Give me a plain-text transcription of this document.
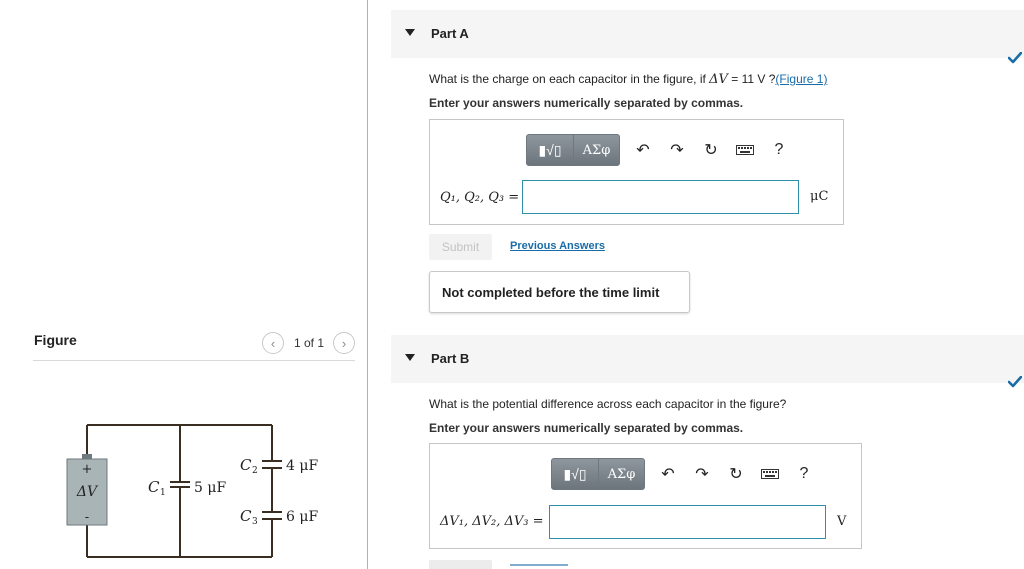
Figure	‹	1 of 1	›
+
ΔV
-
C 1 5 μF
C 2 4 μF
C 3 6 μF
Part A
What is the charge on each capacitor in the figure, if ΔV = 11 V ?(Figure 1)
Enter your answers numerically separated by commas.
▮√▯	ΑΣφ	↶	↷	↻	?
Q₁, Q₂, Q₃ =	μC
Submit	Previous Answers
Not completed before the time limit
Part B
What is the potential difference across each capacitor in the figure?
Enter your answers numerically separated by commas.
▮√▯	ΑΣφ	↶	↷	↻	?
ΔV₁, ΔV₂, ΔV₃ =	V
